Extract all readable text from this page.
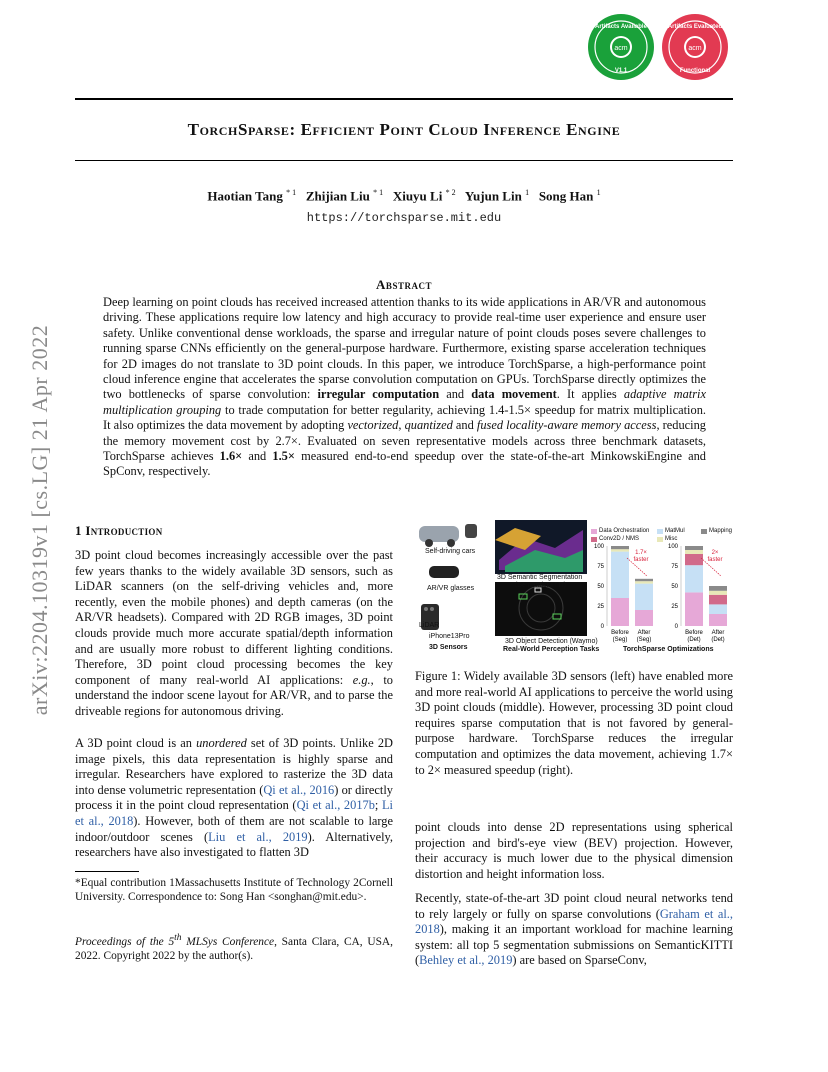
arXiv:2204.10319v1 [cs.LG] 21 Apr 2022
acm
Artifacts Available
V1.1
acm
Artifacts Evaluated
Functional
TorchSparse: Efficient Point Cloud Inference Engine
Haotian Tang $^{* 1}$ Zhijian Liu $^{* 1}$ Xiuyu Li $^{* 2}$ Yujun Lin $^1$ Song Han $^1$
https://torchsparse.mit.edu
Abstract
Deep learning on point clouds has received increased attention thanks to its wide applications in AR/VR and autonomous driving. These applications require low latency and high accuracy to provide real-time user experience and ensure user safety. Unlike conventional dense workloads, the sparse and irregular nature of point clouds poses severe challenges to running sparse CNNs efficiently on the general-purpose hardware. Furthermore, existing sparse acceleration techniques for 2D images do not translate to 3D point clouds. In this paper, we introduce TorchSparse, a high-performance point cloud inference engine that accelerates the sparse convolution computation on GPUs. TorchSparse directly optimizes the two bottlenecks of sparse convolution: irregular computation and data movement. It applies adaptive matrix multiplication grouping to trade computation for better regularity, achieving 1.4-1.5× speedup for matrix multiplication. It also optimizes the data movement by adopting vectorized, quantized and fused locality-aware memory access, reducing the memory movement cost by 2.7×. Evaluated on seven representative models across three benchmark datasets, TorchSparse achieves 1.6× and 1.5× measured end-to-end speedup over the state-of-the-art MinkowskiEngine and SpConv, respectively.
1 Introduction
3D point cloud becomes increasingly accessible over the past few years thanks to the widely available 3D sensors, such as LiDAR scanners (on the self-driving vehicles and, more recently, even the mobile phones) and depth cameras (on the AR/VR headsets). Compared with 2D RGB images, 3D point clouds provide much more accurate spatial/depth information and are usually more robust to different lighting conditions. Therefore, 3D point cloud processing becomes the key component of many real-world AI applications: e.g., to understand the indoor scene layout for AR/VR, and to parse the driveable regions for autonomous driving.
A 3D point cloud is an unordered set of 3D points. Unlike 2D image pixels, this data representation is highly sparse and irregular. Researchers have explored to rasterize the 3D data into dense volumetric representation (Qi et al., 2016) or directly process it in the point cloud representation (Qi et al., 2017b; Li et al., 2018). However, both of them are not scalable to large indoor/outdoor scenes (Liu et al., 2019). Alternatively, researchers have also investigated to flatten 3D
*Equal contribution 1Massachusetts Institute of Technology 2Cornell University. Correspondence to: Song Han <songhan@mit.edu>.
Proceedings of the 5th MLSys Conference, Santa Clara, CA, USA, 2022. Copyright 2022 by the author(s).
Self-driving cars
AR/VR glasses
LiDAR
iPhone13Pro
3D Sensors
3D Semantic Segmentation
(SemanticKITTI)
3D Object Detection (Waymo)
Real-World Perception Tasks
Data Orchestration	MatMul	Mapping
Conv2D / NMS	Misc
0
25
50
75
100
Before
(Seg)
After
(Seg)
1.7×
faster
0
25
50
75
100
Before
(Det)
After
(Det)
2×
faster
TorchSparse Optimizations
Figure 1: Widely available 3D sensors (left) have enabled more and more real-world AI applications to perceive the world using 3D point clouds (middle). However, processing 3D point cloud requires sparse computation that is not favored by general-purpose hardware. TorchSparse reduces the irregular computation and optimizes the data movement, achieving 1.7× to 2× measured speedup (right).
point clouds into dense 2D representations using spherical projection and bird's-eye view (BEV) projection. However, their accuracy is much lower due to the physical dimension distortion and height information loss.
Recently, state-of-the-art 3D point cloud neural networks tend to rely largely or fully on sparse convolutions (Graham et al., 2018), making it an important workload for machine learning system: all top 5 segmentation submissions on SemanticKITTI (Behley et al., 2019) are based on SparseConv,
